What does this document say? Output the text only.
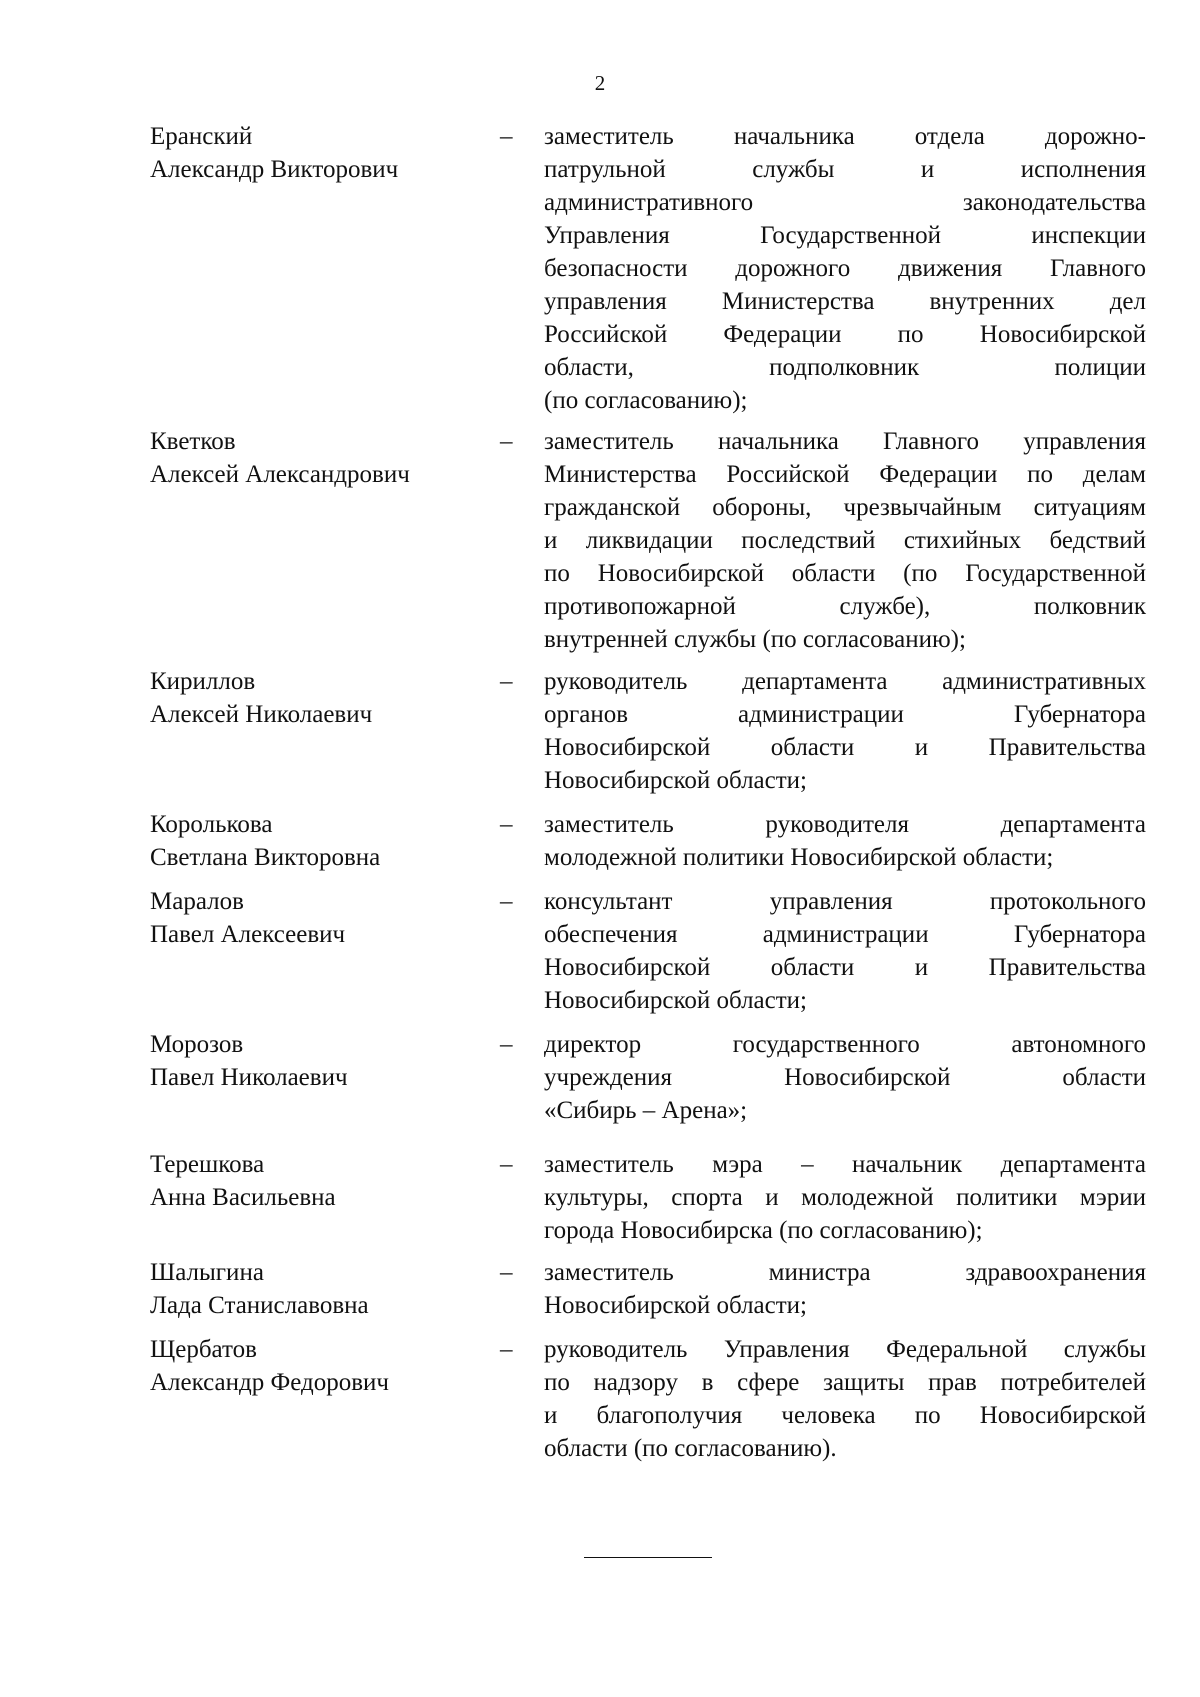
2
Еранский
Александр Викторович
– заместитель начальника отдела дорожно-
патрульной службы и исполнения
административного законодательства
Управления Государственной инспекции
безопасности дорожного движения Главного
управления Министерства внутренних дел
Российской Федерации по Новосибирской
области, подполковник полиции
(по согласованию);
Кветков
Алексей Александрович
– заместитель начальника Главного управления
Министерства Российской Федерации по делам
гражданской обороны, чрезвычайным ситуациям
и ликвидации последствий стихийных бедствий
по Новосибирской области (по Государственной
противопожарной службе), полковник
внутренней службы (по согласованию);
Кириллов
Алексей Николаевич
– руководитель департамента административных
органов администрации Губернатора
Новосибирской области и Правительства
Новосибирской области;
Королькова
Светлана Викторовна
– заместитель руководителя департамента
молодежной политики Новосибирской области;
Маралов
Павел Алексеевич
– консультант управления протокольного
обеспечения администрации Губернатора
Новосибирской области и Правительства
Новосибирской области;
Морозов
Павел Николаевич
– директор государственного автономного
учреждения Новосибирской области
«Сибирь – Арена»;
Терешкова
Анна Васильевна
– заместитель мэра – начальник департамента
культуры, спорта и молодежной политики мэрии
города Новосибирска (по согласованию);
Шалыгина
Лада Станиславовна
– заместитель министра здравоохранения
Новосибирской области;
Щербатов
Александр Федорович
– руководитель Управления Федеральной службы
по надзору в сфере защиты прав потребителей
и благополучия человека по Новосибирской
области (по согласованию).
